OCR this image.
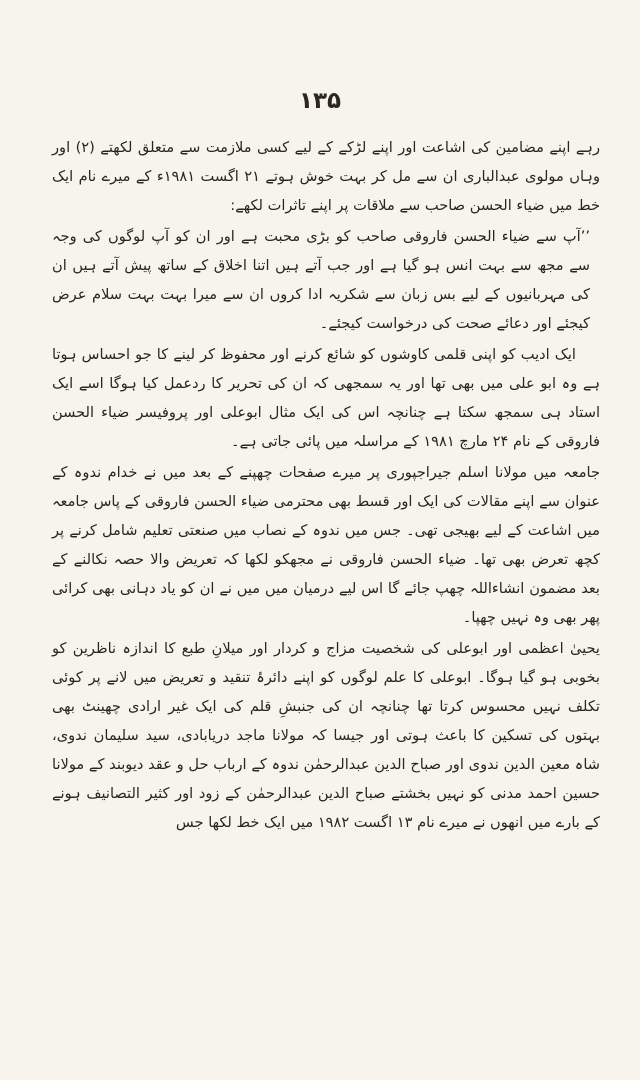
۱۳۵

رہے اپنے مضامین کی اشاعت اور اپنے لڑکے کے لیے کسی ملازمت سے متعلق لکھتے (۲) اور وہاں مولوی عبدالباری ان سے مل کر بہت خوش ہوتے ۲۱ اگست ۱۹۸۱ء کے میرے نام ایک خط میں ضیاء الحسن صاحب سے ملاقات پر اپنے تاثرات لکھے:

’’آپ سے ضیاء الحسن فاروقی صاحب کو بڑی محبت ہے اور ان کو آپ لوگوں کی وجہ سے مجھ سے بہت انس ہو گیا ہے اور جب آتے ہیں اتنا اخلاق کے ساتھ پیش آتے ہیں ان کی مہربانیوں کے لیے بس زبان سے شکریہ ادا کروں ان سے میرا بہت بہت سلام عرض کیجئے اور دعائے صحت کی درخواست کیجئے۔

ایک ادیب کو اپنی قلمی کاوشوں کو شائع کرنے اور محفوظ کر لینے کا جو احساس ہوتا ہے وہ ابو علی میں بھی تھا اور یہ سمجھی کہ ان کی تحریر کا ردعمل کیا ہوگا اسے ایک استاد ہی سمجھ سکتا ہے چنانچہ اس کی ایک مثال ابوعلی اور پروفیسر ضیاء الحسن فاروقی کے نام ۲۴ مارچ ۱۹۸۱ کے مراسلہ میں پائی جاتی ہے۔

جامعہ میں مولانا اسلم جیراجپوری پر میرے صفحات چھپنے کے بعد میں نے خدام ندوہ کے عنوان سے اپنے مقالات کی ایک اور قسط بھی محترمی ضیاء الحسن فاروقی کے پاس جامعہ میں اشاعت کے لیے بھیجی تھی۔ جس میں ندوہ کے نصاب میں صنعتی تعلیم شامل کرنے پر کچھ تعرض بھی تھا۔ ضیاء الحسن فاروقی نے مجھکو لکھا کہ تعریض والا حصہ نکالنے کے بعد مضمون انشاءاللہ چھپ جائے گا اس لیے درمیان میں میں نے ان کو یاد دہانی بھی کرائی پھر بھی وہ نہیں چھپا۔

یحییٰ اعظمی اور ابوعلی کی شخصیت مزاج و کردار اور میلانِ طبع کا اندازہ ناظرین کو بخوبی ہو گیا ہوگا۔ ابوعلی کا علم لوگوں کو اپنے دائرۂ تنقید و تعریض میں لانے پر کوئی تکلف نہیں محسوس کرتا تھا چنانچہ ان کی جنبشِ قلم کی ایک غیر ارادی چھینٹ بھی بہتوں کی تسکین کا باعث ہوتی اور جیسا کہ مولانا ماجد دریابادی، سید سلیمان ندوی، شاہ معین الدین ندوی اور صباح الدین عبدالرحمٰن ندوہ کے ارباب حل و عقد دیوبند کے مولانا حسین احمد مدنی کو نہیں بخشتے صباح الدین عبدالرحمٰن کے زود اور کثیر التصانیف ہونے کے بارے میں انھوں نے میرے نام ۱۳ اگست ۱۹۸۲ میں ایک خط لکھا جس
